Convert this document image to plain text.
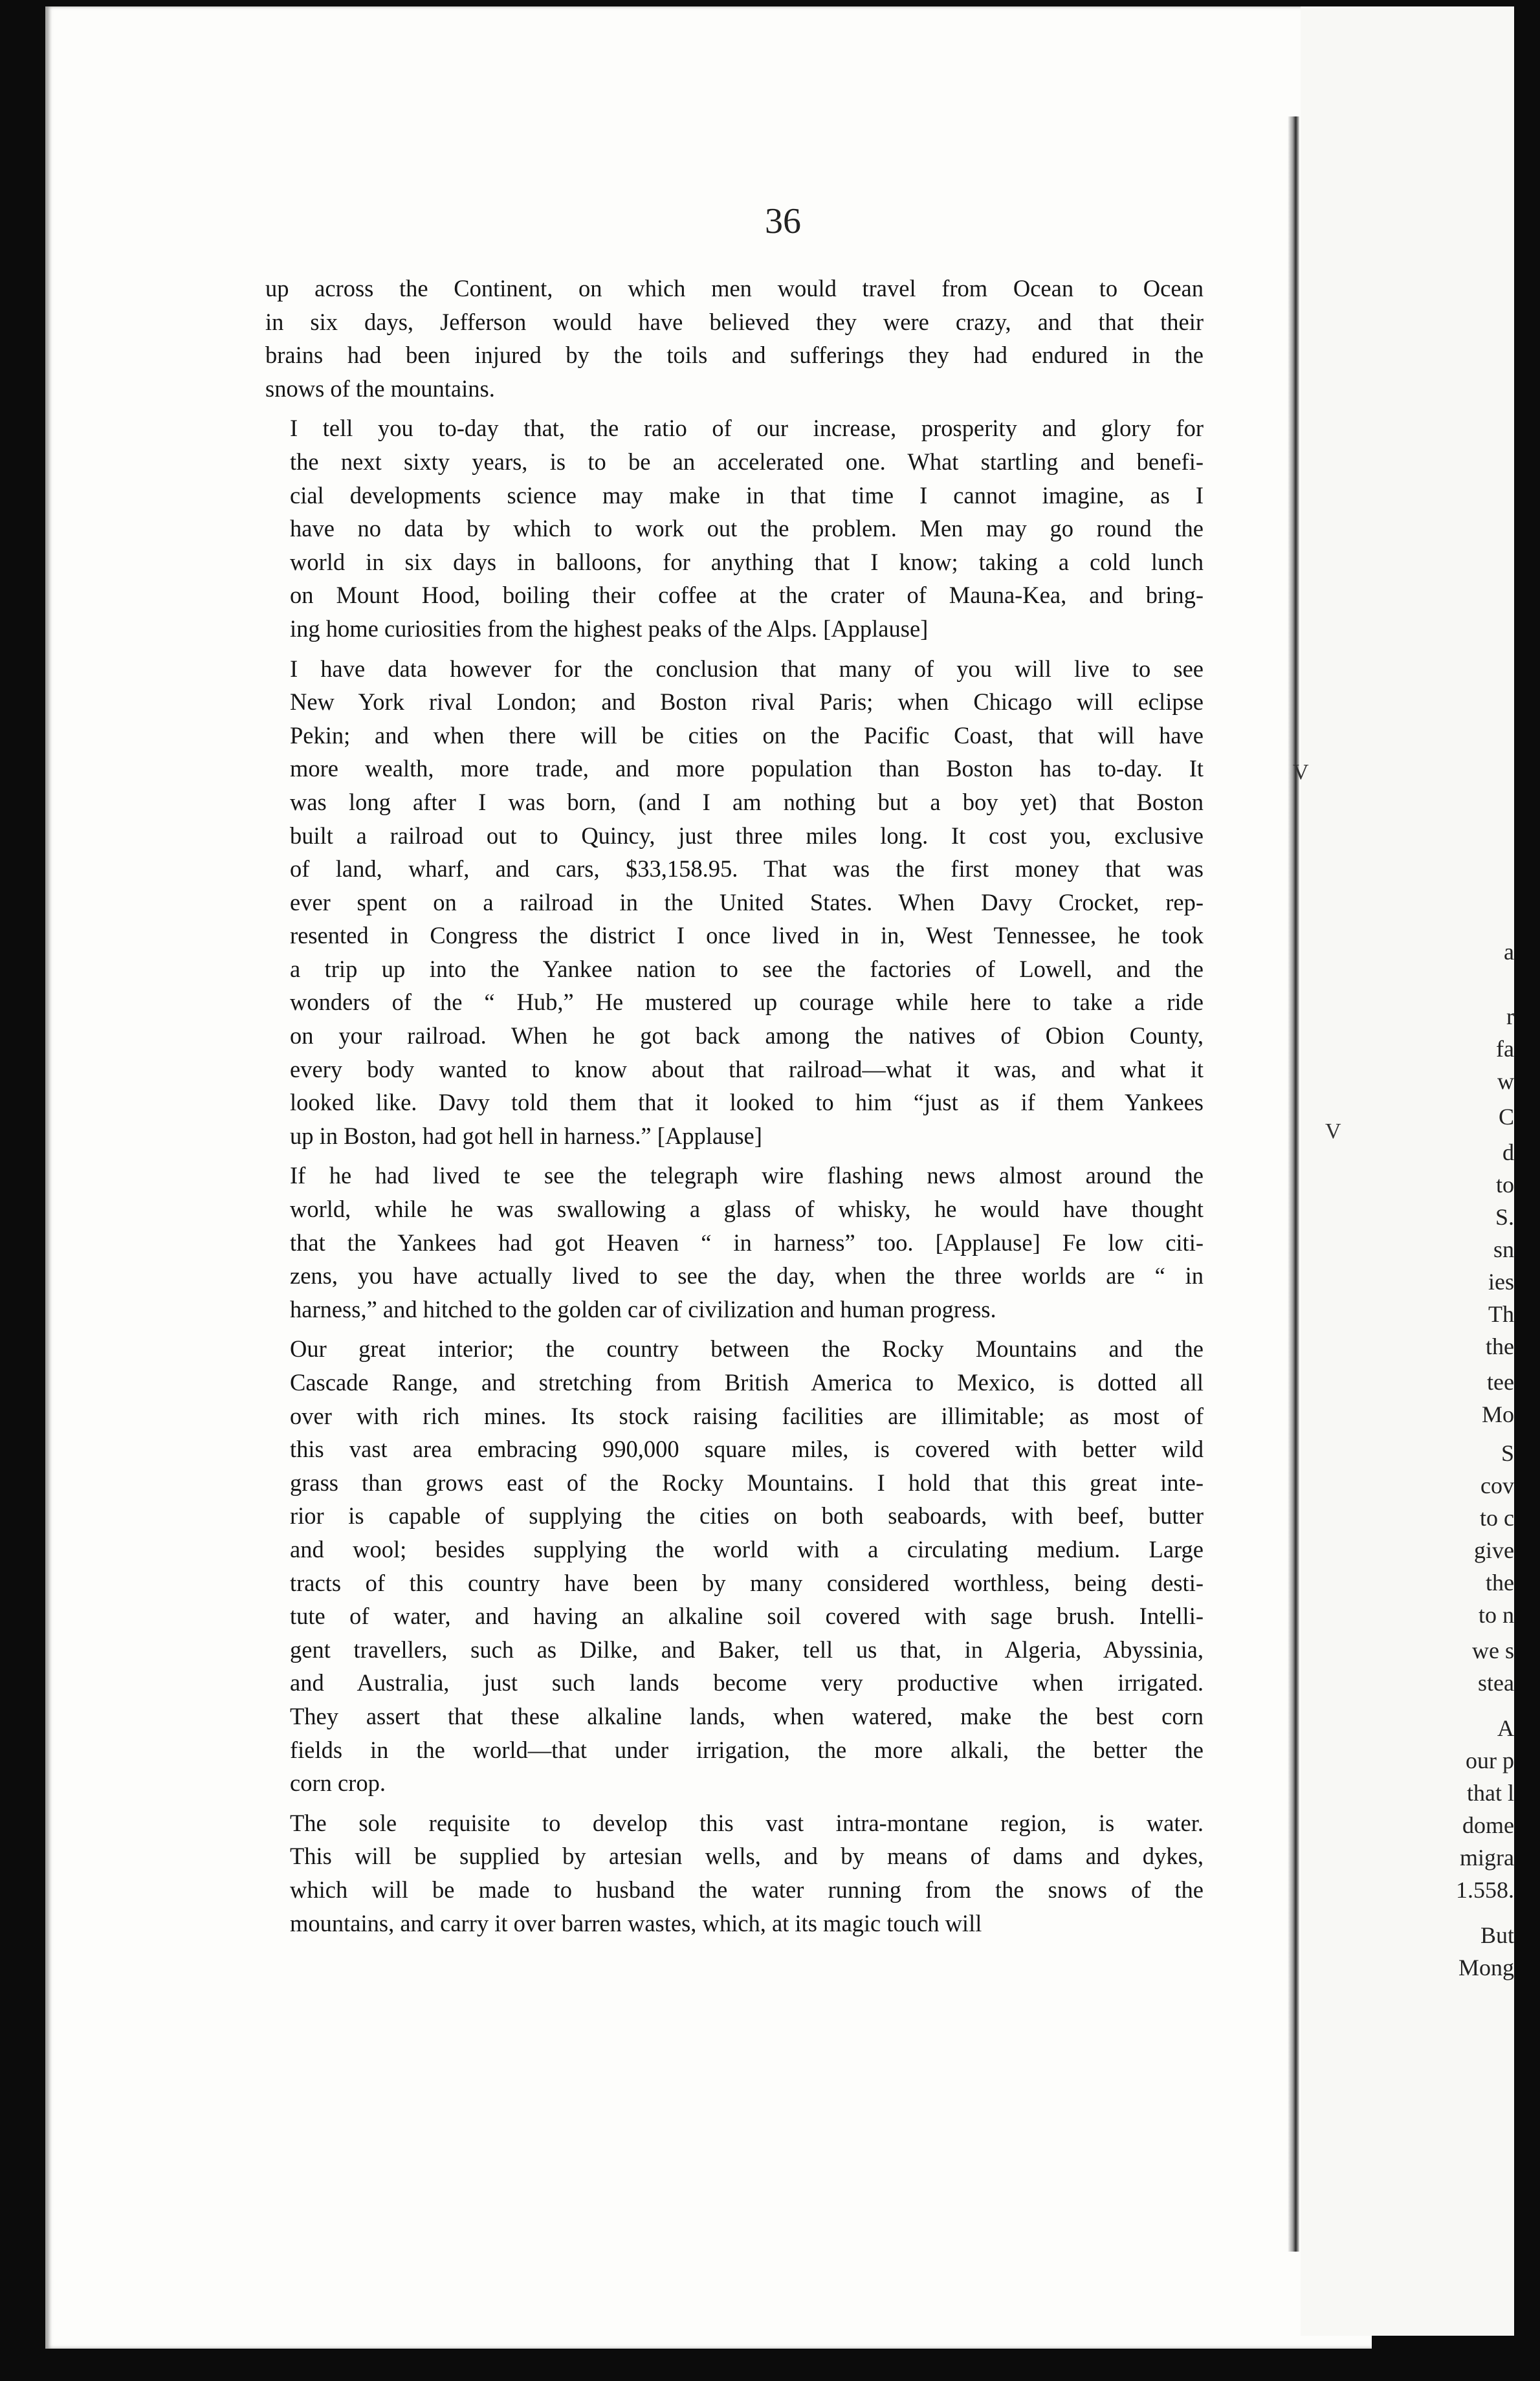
36
a
r
fa
w
C
d
to
S.
sn
ies
Th
the
tee
Mo
S
cov
to c
give
the
to n
we s
stea
A
our p
that l
dome
migra
1.558.
But
Mong
V
V

up across the Continent, on which men would travel from Ocean to Ocean
in six days, Jefferson would have believed they were crazy, and that their
brains had been injured by the toils and sufferings they had endured in the
snows of the mountains.

I tell you to-day that, the ratio of our increase, prosperity and glory for
the next sixty years, is to be an accelerated one. What startling and benefi-
cial developments science may make in that time I cannot imagine, as I
have no data by which to work out the problem. Men may go round the
world in six days in balloons, for anything that I know; taking a cold lunch
on Mount Hood, boiling their coffee at the crater of Mauna-Kea, and bring-
ing home curiosities from the highest peaks of the Alps. [Applause]

I have data however for the conclusion that many of you will live to see
New York rival London; and Boston rival Paris; when Chicago will eclipse
Pekin; and when there will be cities on the Pacific Coast, that will have
more wealth, more trade, and more population than Boston has to-day. It
was long after I was born, (and I am nothing but a boy yet) that Boston
built a railroad out to Quincy, just three miles long. It cost you, exclusive
of land, wharf, and cars, $33,158.95. That was the first money that was
ever spent on a railroad in the United States. When Davy Crocket, rep-
resented in Congress the district I once lived in in, West Tennessee, he took
a trip up into the Yankee nation to see the factories of Lowell, and the
wonders of the “ Hub,” He mustered up courage while here to take a ride
on your railroad. When he got back among the natives of Obion County,
every body wanted to know about that railroad—what it was, and what it
looked like. Davy told them that it looked to him “just as if them Yankees
up in Boston, had got hell in harness.” [Applause]

If he had lived te see the telegraph wire flashing news almost around the
world, while he was swallowing a glass of whisky, he would have thought
that the Yankees had got Heaven “ in harness” too. [Applause] Fe low citi-
zens, you have actually lived to see the day, when the three worlds are “ in
harness,” and hitched to the golden car of civilization and human progress.

Our great interior; the country between the Rocky Mountains and the
Cascade Range, and stretching from British America to Mexico, is dotted all
over with rich mines. Its stock raising facilities are illimitable; as most of
this vast area embracing 990,000 square miles, is covered with better wild
grass than grows east of the Rocky Mountains. I hold that this great inte-
rior is capable of supplying the cities on both seaboards, with beef, butter
and wool; besides supplying the world with a circulating medium. Large
tracts of this country have been by many considered worthless, being desti-
tute of water, and having an alkaline soil covered with sage brush. Intelli-
gent travellers, such as Dilke, and Baker, tell us that, in Algeria, Abyssinia,
and Australia, just such lands become very productive when irrigated.
They assert that these alkaline lands, when watered, make the best corn
fields in the world—that under irrigation, the more alkali, the better the
corn crop.

The sole requisite to develop this vast intra-montane region, is water.
This will be supplied by artesian wells, and by means of dams and dykes,
which will be made to husband the water running from the snows of the
mountains, and carry it over barren wastes, which, at its magic touch will
